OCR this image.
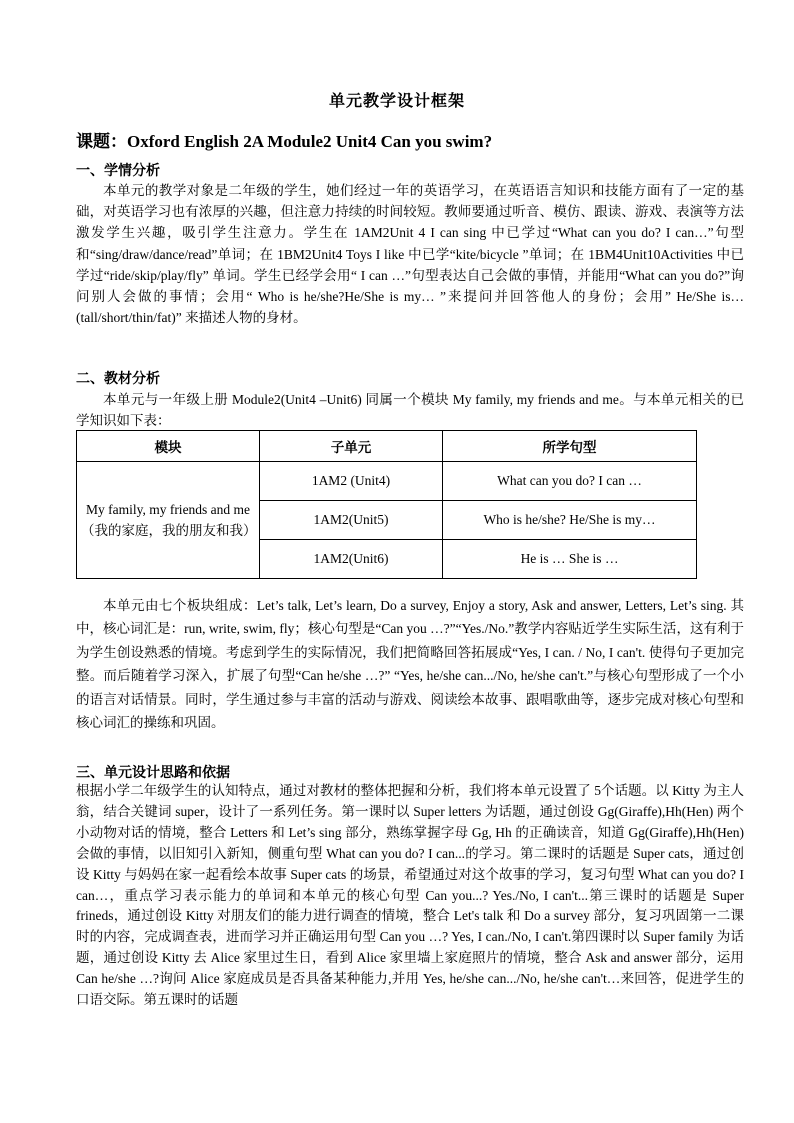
单元教学设计框架
课题：Oxford English 2A Module2 Unit4 Can you swim?
一、学情分析

本单元的教学对象是二年级的学生，她们经过一年的英语学习，在英语语言知识和技能方面有了一定的基础，对英语学习也有浓厚的兴趣，但注意力持续的时间较短。教师要通过听音、模仿、跟读、游戏、表演等方法激发学生兴趣，吸引学生注意力。学生在 1AM2Unit 4 I can sing 中已学过“What can you do? I can…”句型和“sing/draw/dance/read”单词；在 1BM2Unit4 Toys I like 中已学“kite/bicycle ”单词；在 1BM4Unit10Activities 中已学过“ride/skip/play/fly” 单词。学生已经学会用“ I can …”句型表达自己会做的事情，并能用“What can you do?”询问别人会做的事情；会用“ Who is he/she?He/She is my… ”来提问并回答他人的身份；会用” He/She is…(tall/short/thin/fat)” 来描述人物的身材。

二、教材分析

本单元与一年级上册 Module2(Unit4 –Unit6) 同属一个模块 My family, my friends and me。与本单元相关的已学知识如下表：

模块	子单元	所学句型

My family, my friends and me
（我的家庭，我的朋友和我）	1AM2 (Unit4)	What can you do? I can …
	1AM2(Unit5)	Who is he/she? He/She is my…
	1AM2(Unit6)	He is … She is …

本单元由七个板块组成：Let’s talk, Let’s learn, Do a survey, Enjoy a story, Ask and answer, Letters, Let’s sing. 其中，核心词汇是：run, write, swim, fly；核心句型是“Can you …?”“Yes./No.”教学内容贴近学生实际生活，这有利于为学生创设熟悉的情境。考虑到学生的实际情况，我们把简略回答拓展成“Yes, I can. / No, I can't. 使得句子更加完整。而后随着学习深入，扩展了句型“Can he/she …?” “Yes, he/she can.../No, he/she can't.”与核心句型形成了一个小的语言对话情景。同时，学生通过参与丰富的活动与游戏、阅读绘本故事、跟唱歌曲等，逐步完成对核心句型和核心词汇的操练和巩固。

三、单元设计思路和依据

根据小学二年级学生的认知特点，通过对教材的整体把握和分析，我们将本单元设置了 5个话题。以 Kitty 为主人翁，结合关键词 super，设计了一系列任务。第一课时以 Super letters 为话题，通过创设 Gg(Giraffe),Hh(Hen) 两个小动物对话的情境，整合 Letters 和 Let’s sing 部分，熟练掌握字母 Gg, Hh 的正确读音，知道 Gg(Giraffe),Hh(Hen) 会做的事情，以旧知引入新知，侧重句型 What can you do? I can...的学习。第二课时的话题是 Super cats，通过创设 Kitty 与妈妈在家一起看绘本故事 Super cats 的场景，希望通过对这个故事的学习，复习句型 What can you do? I can…，重点学习表示能力的单词和本单元的核心句型 Can you...? Yes./No, I can't...第三课时的话题是 Super frineds，通过创设 Kitty 对朋友们的能力进行调查的情境，整合 Let's talk 和 Do a survey 部分，复习巩固第一二课时的内容，完成调查表，进而学习并正确运用句型 Can you …? Yes, I can./No, I can't.第四课时以 Super family 为话题，通过创设 Kitty 去 Alice 家里过生日，看到 Alice 家里墙上家庭照片的情境，整合 Ask and answer 部分，运用 Can he/she …?询问 Alice 家庭成员是否具备某种能力,并用 Yes, he/she can.../No, he/she can't…来回答，促进学生的口语交际。第五课时的话题
